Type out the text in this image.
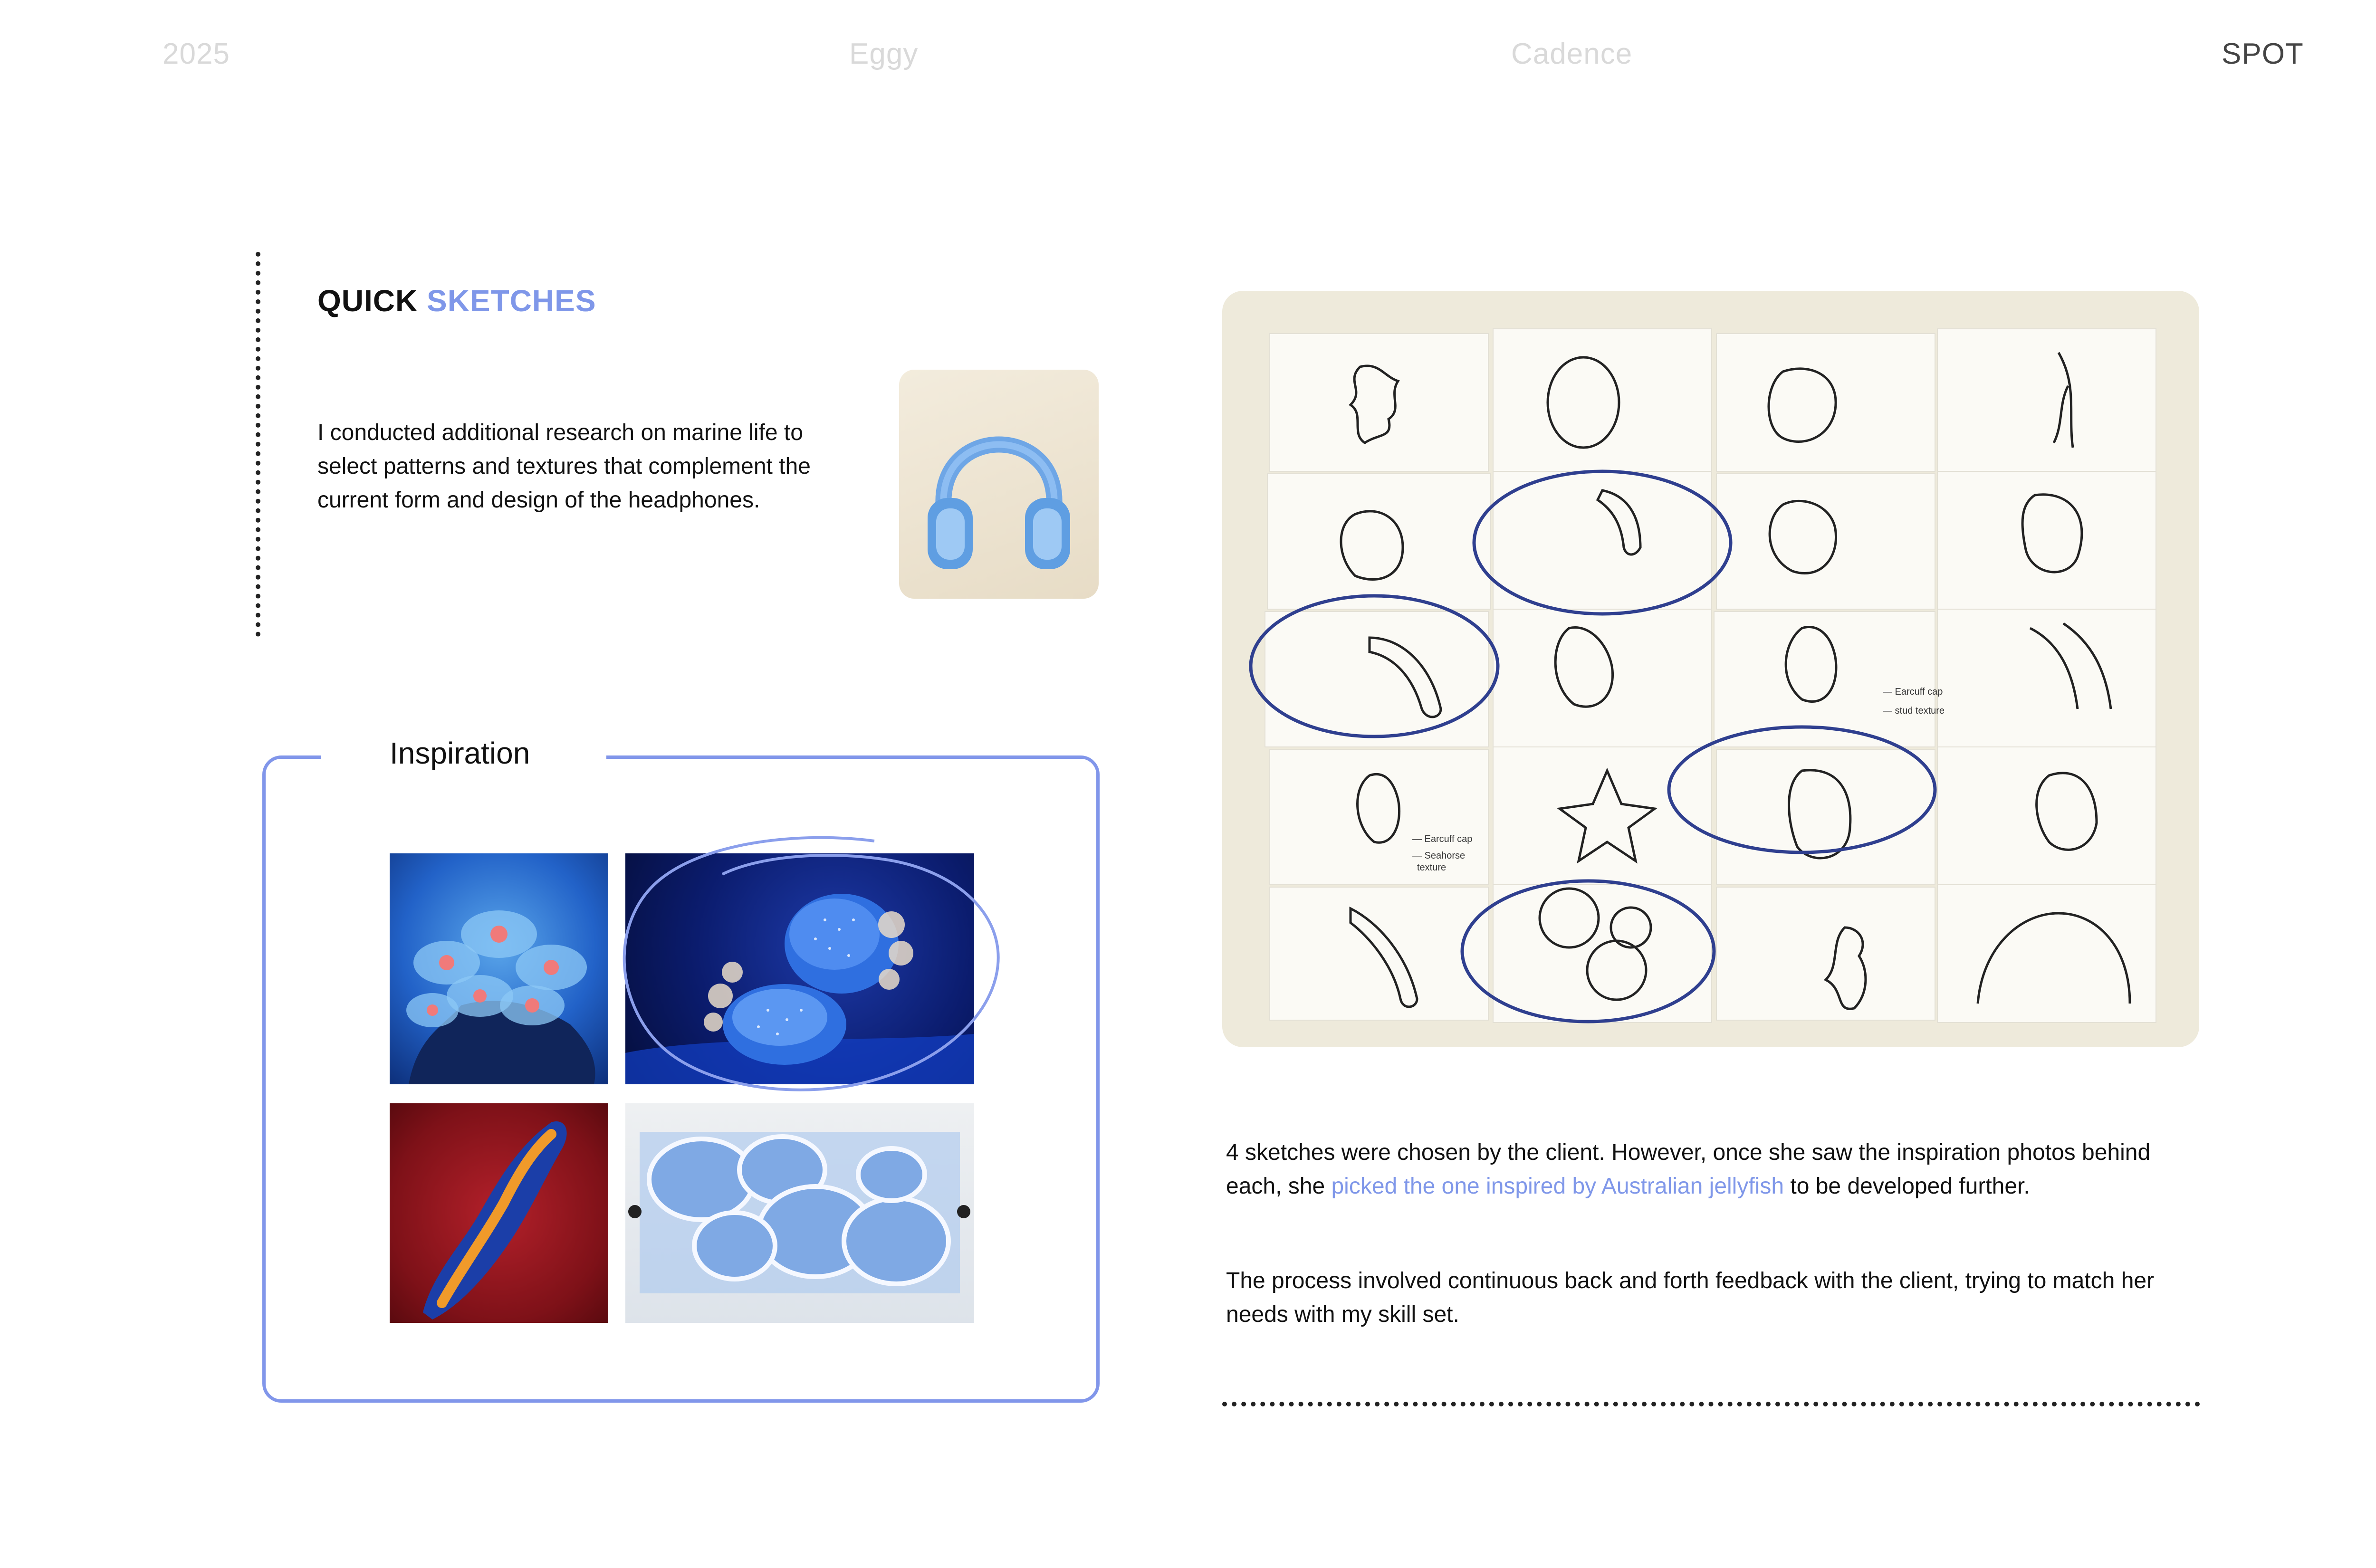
2025	Eggy	Cadence	SPOT
QUICK SKETCHES
I conducted additional research on marine life to select patterns and textures that complement the current form and design of the headphones.
Inspiration
— Earcuff cap
— stud texture
— Earcuff cap
— Seahorse
texture
4 sketches were chosen by the client. However, once she saw the inspiration photos behind each, she picked the one inspired by Australian jellyfish to be developed further.
The process involved continuous back and forth feedback with the client, trying to match her needs with my skill set.
